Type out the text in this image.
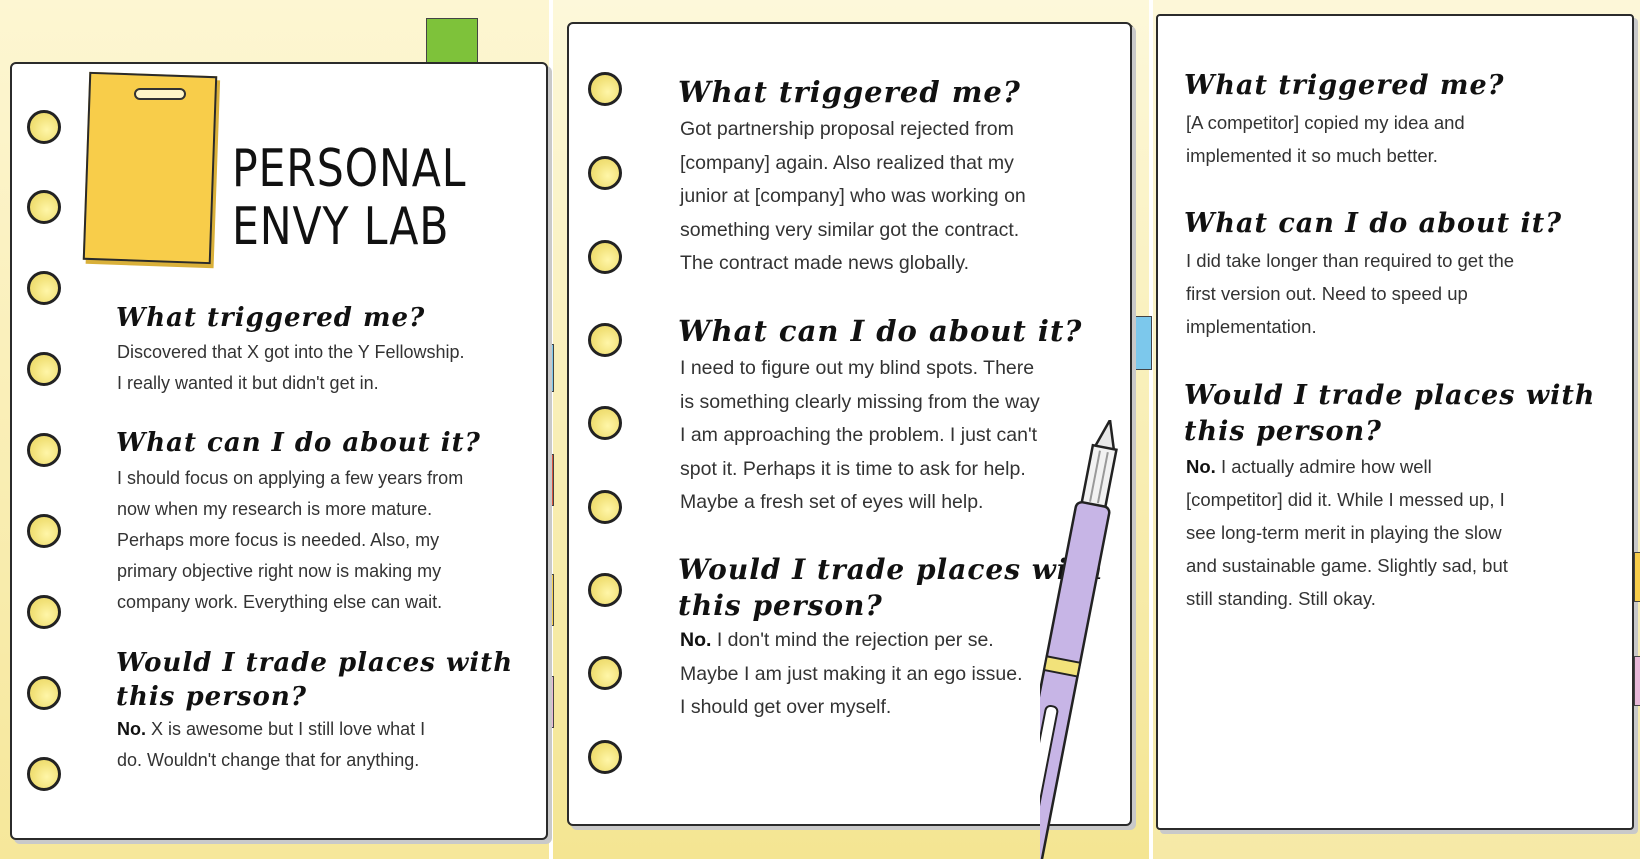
PERSONAL
ENVY LAB
What triggered me?
Discovered that X got into the Y Fellowship.
I really wanted it but didn't get in.
What can I do about it?
I should focus on applying a few years from
now when my research is more mature.
Perhaps more focus is needed. Also, my
primary objective right now is making my
company work. Everything else can wait.
Would I trade places with
this person?
No. X is awesome but I still love what I
do. Wouldn't change that for anything.
What triggered me?
Got partnership proposal rejected from
[company] again. Also realized that my
junior at [company] who was working on
something very similar got the contract.
The contract made news globally.
What can I do about it?
I need to figure out my blind spots. There
is something clearly missing from the way
I am approaching the problem. I just can't
spot it. Perhaps it is time to ask for help.
Maybe a fresh set of eyes will help.
Would I trade places with
this person?
No. I don't mind the rejection per se.
Maybe I am just making it an ego issue.
I should get over myself.
What triggered me?
[A competitor] copied my idea and
implemented it so much better.
What can I do about it?
I did take longer than required to get the
first version out. Need to speed up
implementation.
Would I trade places with
this person?
No. I actually admire how well
[competitor] did it. While I messed up, I
see long-term merit in playing the slow
and sustainable game. Slightly sad, but
still standing. Still okay.
